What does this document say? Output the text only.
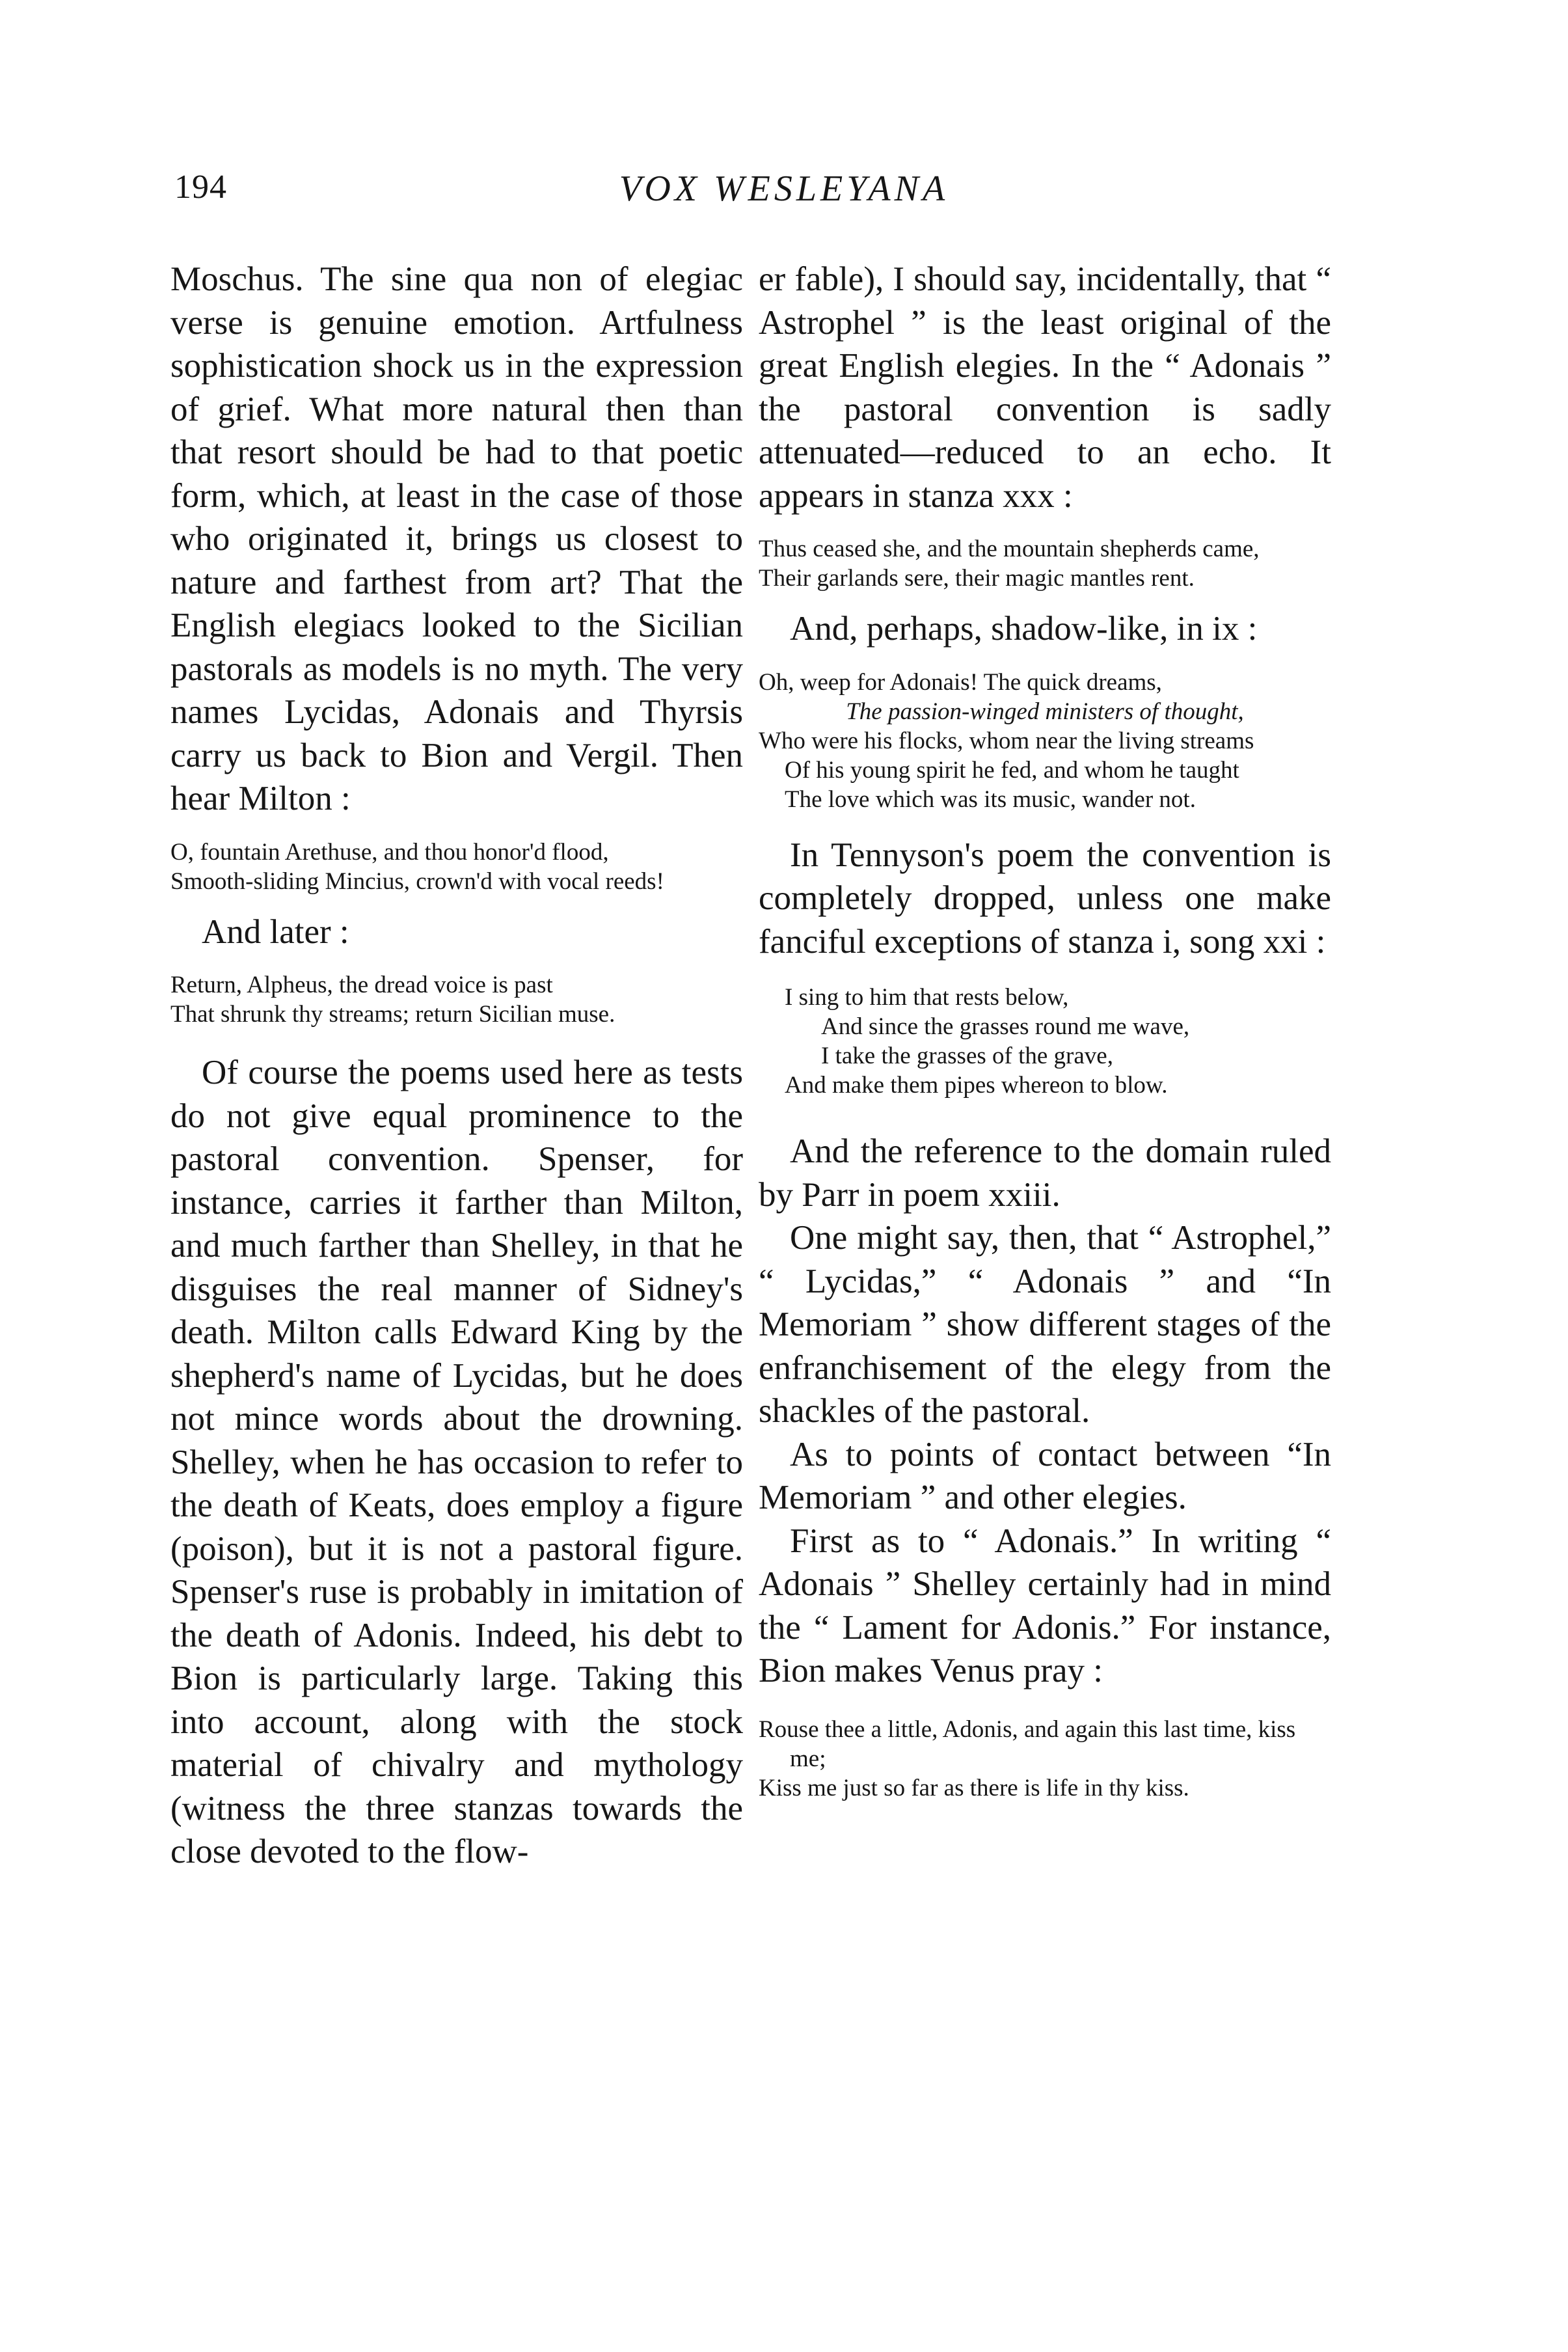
194	VOX WESLEYANA

Moschus. The sine qua non of elegiac verse is genuine emotion. Artfulness sophistication shock us in the expression of grief. What more natural then than that resort should be had to that poetic form, which, at least in the case of those who originated it, brings us closest to nature and farthest from art? That the English elegiacs looked to the Sicilian pastorals as models is no myth. The very names Lycidas, Adonais and Thyrsis carry us back to Bion and Vergil. Then hear Milton :

O, fountain Arethuse, and thou honor'd flood,
Smooth-sliding Mincius, crown'd with vocal reeds!

And later :

Return, Alpheus, the dread voice is past
That shrunk thy streams; return Sicilian muse.

Of course the poems used here as tests do not give equal prominence to the pastoral convention. Spenser, for instance, carries it farther than Milton, and much farther than Shelley, in that he disguises the real manner of Sidney's death. Milton calls Edward King by the shepherd's name of Lycidas, but he does not mince words about the drowning. Shelley, when he has occasion to refer to the death of Keats, does employ a figure (poison), but it is not a pastoral figure. Spenser's ruse is probably in imitation of the death of Adonis. Indeed, his debt to Bion is particularly large. Taking this into account, along with the stock material of chivalry and mythology (witness the three stanzas towards the close devoted to the flow-

er fable), I should say, incidentally, that “ Astrophel ” is the least original of the great English elegies. In the “ Adonais ” the pastoral convention is sadly attenuated—reduced to an echo. It appears in stanza xxx :

Thus ceased she, and the mountain shepherds came,
Their garlands sere, their magic mantles rent.

And, perhaps, shadow-like, in ix :

Oh, weep for Adonais! The quick dreams,
The passion-winged ministers of thought,
Who were his flocks, whom near the living streams
Of his young spirit he fed, and whom he taught
The love which was its music, wander not.

In Tennyson's poem the convention is completely dropped, unless one make fanciful exceptions of stanza i, song xxi :

I sing to him that rests below,
And since the grasses round me wave,
I take the grasses of the grave,
And make them pipes whereon to blow.

And the reference to the domain ruled by Parr in poem xxiii.

One might say, then, that “ Astrophel,” “ Lycidas,” “ Adonais ” and “In Memoriam ” show different stages of the enfranchisement of the elegy from the shackles of the pastoral.

As to points of contact between “In Memoriam ” and other elegies.

First as to “ Adonais.” In writing “ Adonais ” Shelley certainly had in mind the “ Lament for Adonis.” For instance, Bion makes Venus pray :

Rouse thee a little, Adonis, and again this last time, kiss me;
Kiss me just so far as there is life in thy kiss.
